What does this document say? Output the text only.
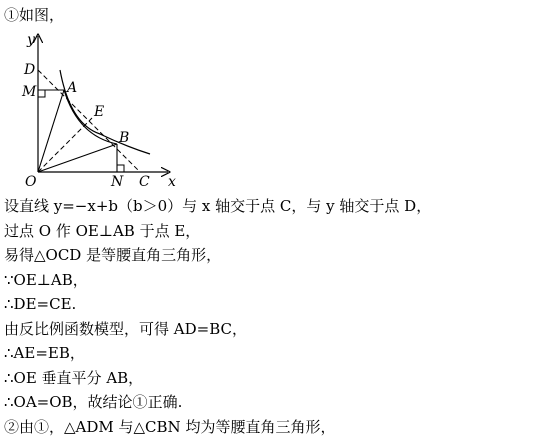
①如图，
y
x
D
M A
E
B
O	N C
设直线 y=−x+b（b＞0）与 x 轴交于点 C，与 y 轴交于点 D，
过点 O 作 OE⊥AB 于点 E，
易得△OCD 是等腰直角三角形，
∵OE⊥AB，
∴DE=CE.
由反比例函数模型，可得 AD=BC，
∴AE=EB，
∴OE 垂直平分 AB，
∴OA=OB，故结论①正确.
②由①，△ADM 与△CBN 均为等腰直角三角形，
